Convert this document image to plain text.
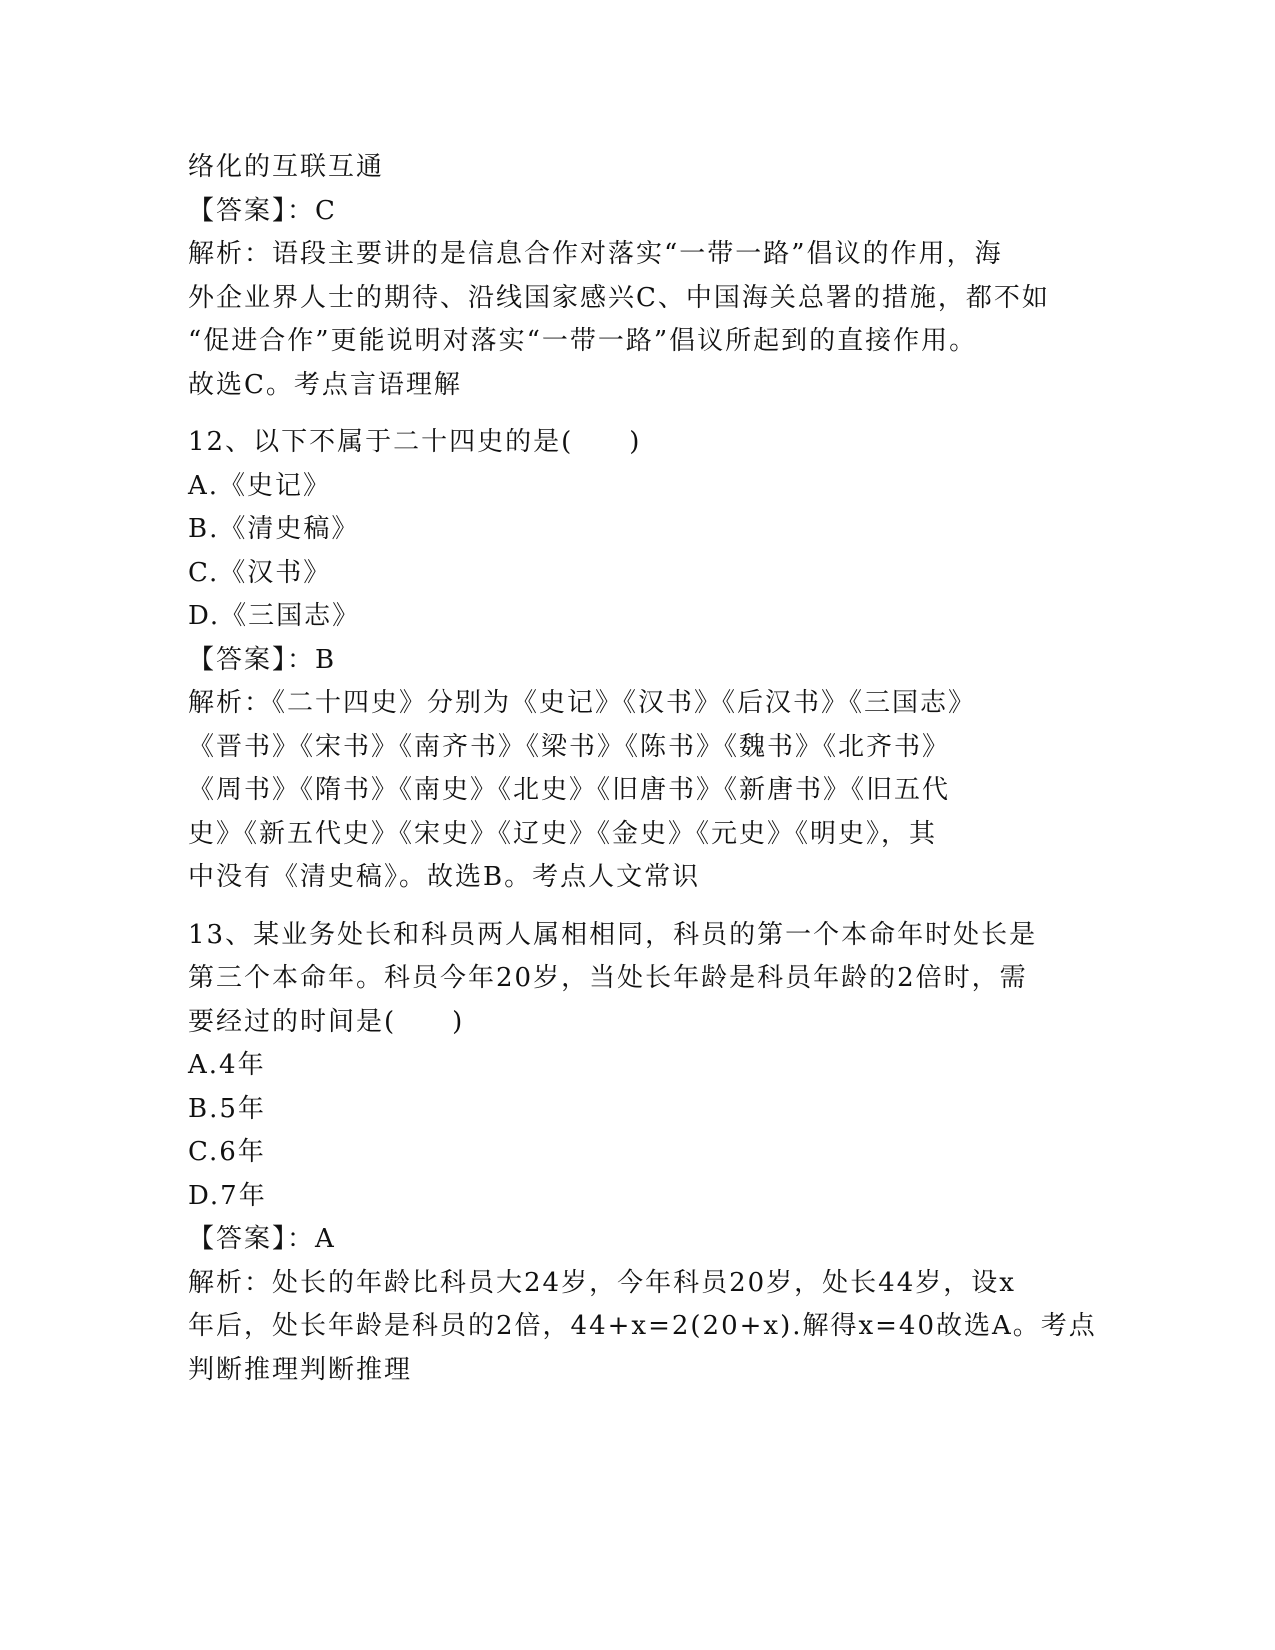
络化的互联互通
【答案】：C
解析：语段主要讲的是信息合作对落实“一带一路”倡议的作用，海
外企业界人士的期待、沿线国家感兴C、中国海关总署的措施，都不如
“促进合作”更能说明对落实“一带一路”倡议所起到的直接作用。
故选C。考点言语理解
12、以下不属于二十四史的是(　　)
A.《史记》
B.《清史稿》
C.《汉书》
D.《三国志》
【答案】：B
解析：《二十四史》分别为《史记》《汉书》《后汉书》《三国志》
《晋书》《宋书》《南齐书》《梁书》《陈书》《魏书》《北齐书》
《周书》《隋书》《南史》《北史》《旧唐书》《新唐书》《旧五代
史》《新五代史》《宋史》《辽史》《金史》《元史》《明史》，其
中没有《清史稿》。故选B。考点人文常识
13、某业务处长和科员两人属相相同，科员的第一个本命年时处长是
第三个本命年。科员今年20岁，当处长年龄是科员年龄的2倍时，需
要经过的时间是(　　)
A.4年
B.5年
C.6年
D.7年
【答案】：A
解析：处长的年龄比科员大24岁，今年科员20岁，处长44岁，设x
年后，处长年龄是科员的2倍，44+x=2(20+x).解得x=40故选A。考点
判断推理判断推理
